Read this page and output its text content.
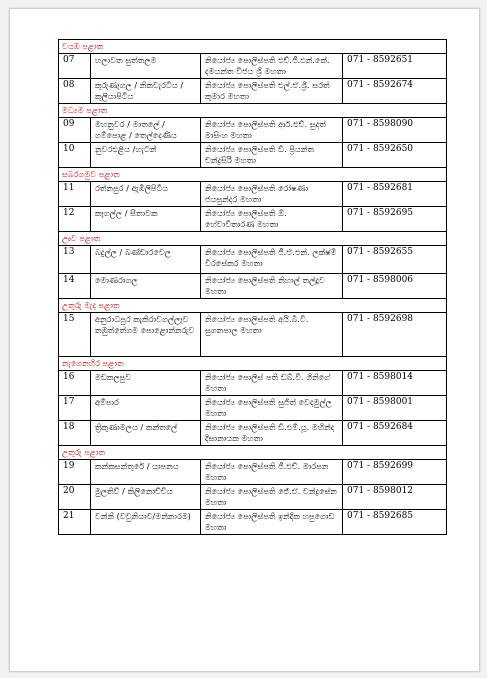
වයඹ පළාත			
07	හලාවත සුත්තලම	නියෝජ්‍ය පොලිස්පති එච්.ජී.එන්.කේ. දමයන්ත විජය ශ්‍රී මහතා	071 - 8592651
08	කුරුණෑගල / නිකවැරටිය / කුලියාපිටිය	නියෝජ්‍ය පොලිස්පති එල්.ඒ.ශ්‍රී. සරත් කුමාර මහතා	071 - 8592674
මධ්‍යම පළාත			
09	මහනුවර / මාතලේ / ගම්පොළ / තෙල්දෙණිය	නියෝජ්‍ය පොලිස්පති ආර්.එච්. සුදත් මාසිංහ මහතා	071 - 8598090
10	නුවරඑළිය /හැටන්	නියෝජ්‍ය පොලිස්පති ඩී. ප්‍රියන්ත චන්ද්‍රසිරි මහතා	071 - 8592650
සබරගමුව පළාත			
11	රත්නපුර / ඇඹිලිපිටිය	නියෝජ්‍ය පොලිස්පති රෝෂණා ජයසුන්දර මහතා	071 - 8592681
12	කෑගල්ල / සීතාවක	නියෝජ්‍ය පොලිස්පති ඕ. හේවාවිතාරණ මහතා	071 - 8592695
ඌව පළාත			
13	බදුල්ල / බණ්ඩාරවෙල	නියෝජ්‍ය පොලිස්පති ජී.ඒ.එන්. ලක්ෂ්මි වීරසේකර මහතා	071 - 8592655
14	මොණරාගල	නියෝජ්‍ය පොලිස්පති නිහාල් තල්දූව මහතා	071 - 8598006
උතුරු මැද පළාත			
15	අනුරාධපුර කැකිරාවගල්ලෑව තඹුත්තේගම පොළොන්නරුව	නියෝජ්‍ය පොලිස්පති අයි.බී.වී. සුගතපාල මහතා	071 - 8592698
නැගෙනහිර පළාත			
16	මඩකලපුව	නියෝජ්‍ය පොලිස් පති ඩබ්.වී. ගිනිගේ මහතා	071 - 8598014
17	අම්පාර	නියෝජ්‍ය පොලිස්පති සුජිත් වෙදමුල්ල මහතා	071 - 8598001
18	ත්‍රිකුණාමලය / කන්තලේ	නියෝජ්‍ය පොලිස්පති ඩී.එම්.යූ. මහින්ද දිසානායක මහතා	071 - 8592684
උතුරු පළාත			
19	කන්කසන්තුරේ / යාපනය	නියෝජ්‍ය පොලිස්පති ජී.එච්. මාරපන මහතා	071 - 8592699
20	මුලතිව් / කිලිනොච්චිය	නියෝජ්‍ය පොලිස්පති ජේ.ඒ. චන්ද්‍රසේන මහතා	071 - 8598012
21	වන්නි (වවුනියාව/මන්නාරම)	නියෝජ්‍ය පොලිස්පති ඉන්දික හපුගොඩ මහතා	071 - 8592685
